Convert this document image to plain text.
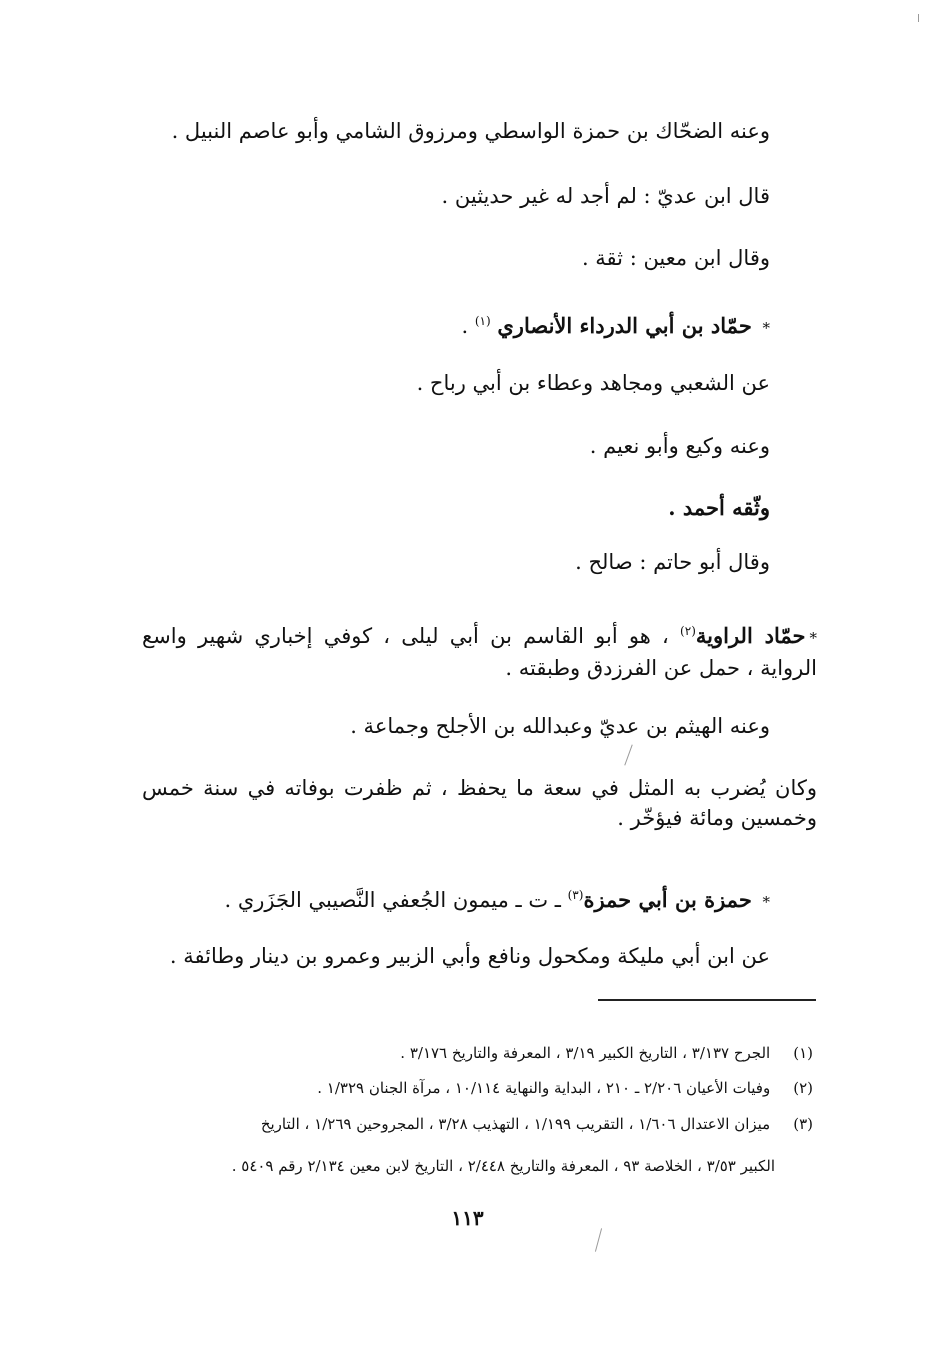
وعنه الضحّاك بن حمزة الواسطي ومرزوق الشامي وأبو عاصم النبيل .
قال ابن عديّ : لم أجد له غير حديثين .
وقال ابن معين : ثقة .
* حمّاد بن أبي الدرداء الأنصاري $^{(١)}$ .
عن الشعبي ومجاهد وعطاء بن أبي رباح .
وعنه وكيع وأبو نعيم .
وثّقه أحمد .
وقال أبو حاتم : صالح .
*حمّاد الراوية$^{(٢)}$ ، هو أبو القاسم بن أبي ليلى ، كوفي إخباري شهير واسع الرواية ، حمل عن الفرزدق وطبقته .
وعنه الهيثم بن عديّ وعبدالله بن الأجلح وجماعة .
وكان يُضرب به المثل في سعة ما يحفظ ، ثم ظفرت بوفاته في سنة خمس وخمسين ومائة فيؤخّر .
* حمزة بن أبي حمزة$^{(٣)}$ ـ ت ـ ميمون الجُعفي النَّصيبي الجَزَري .
عن ابن أبي مليكة ومكحول ونافع وأبي الزبير وعمرو بن دينار وطائفة .
(١) الجرح ٣/١٣٧ ، التاريخ الكبير ٣/١٩ ، المعرفة والتاريخ ٣/١٧٦ .
(٢) وفيات الأعيان ٢/٢٠٦ ـ ٢١٠ ، البداية والنهاية ١٠/١١٤ ، مرآة الجنان ١/٣٢٩ .
(٣) ميزان الاعتدال ١/٦٠٦ ، التقريب ١/١٩٩ ، التهذيب ٣/٢٨ ، المجروحين ١/٢٦٩ ، التاريخ
الكبير ٣/٥٣ ، الخلاصة ٩٣ ، المعرفة والتاريخ ٢/٤٤٨ ، التاريخ لابن معين ٢/١٣٤ رقم ٥٤٠٩ .
١١٣
